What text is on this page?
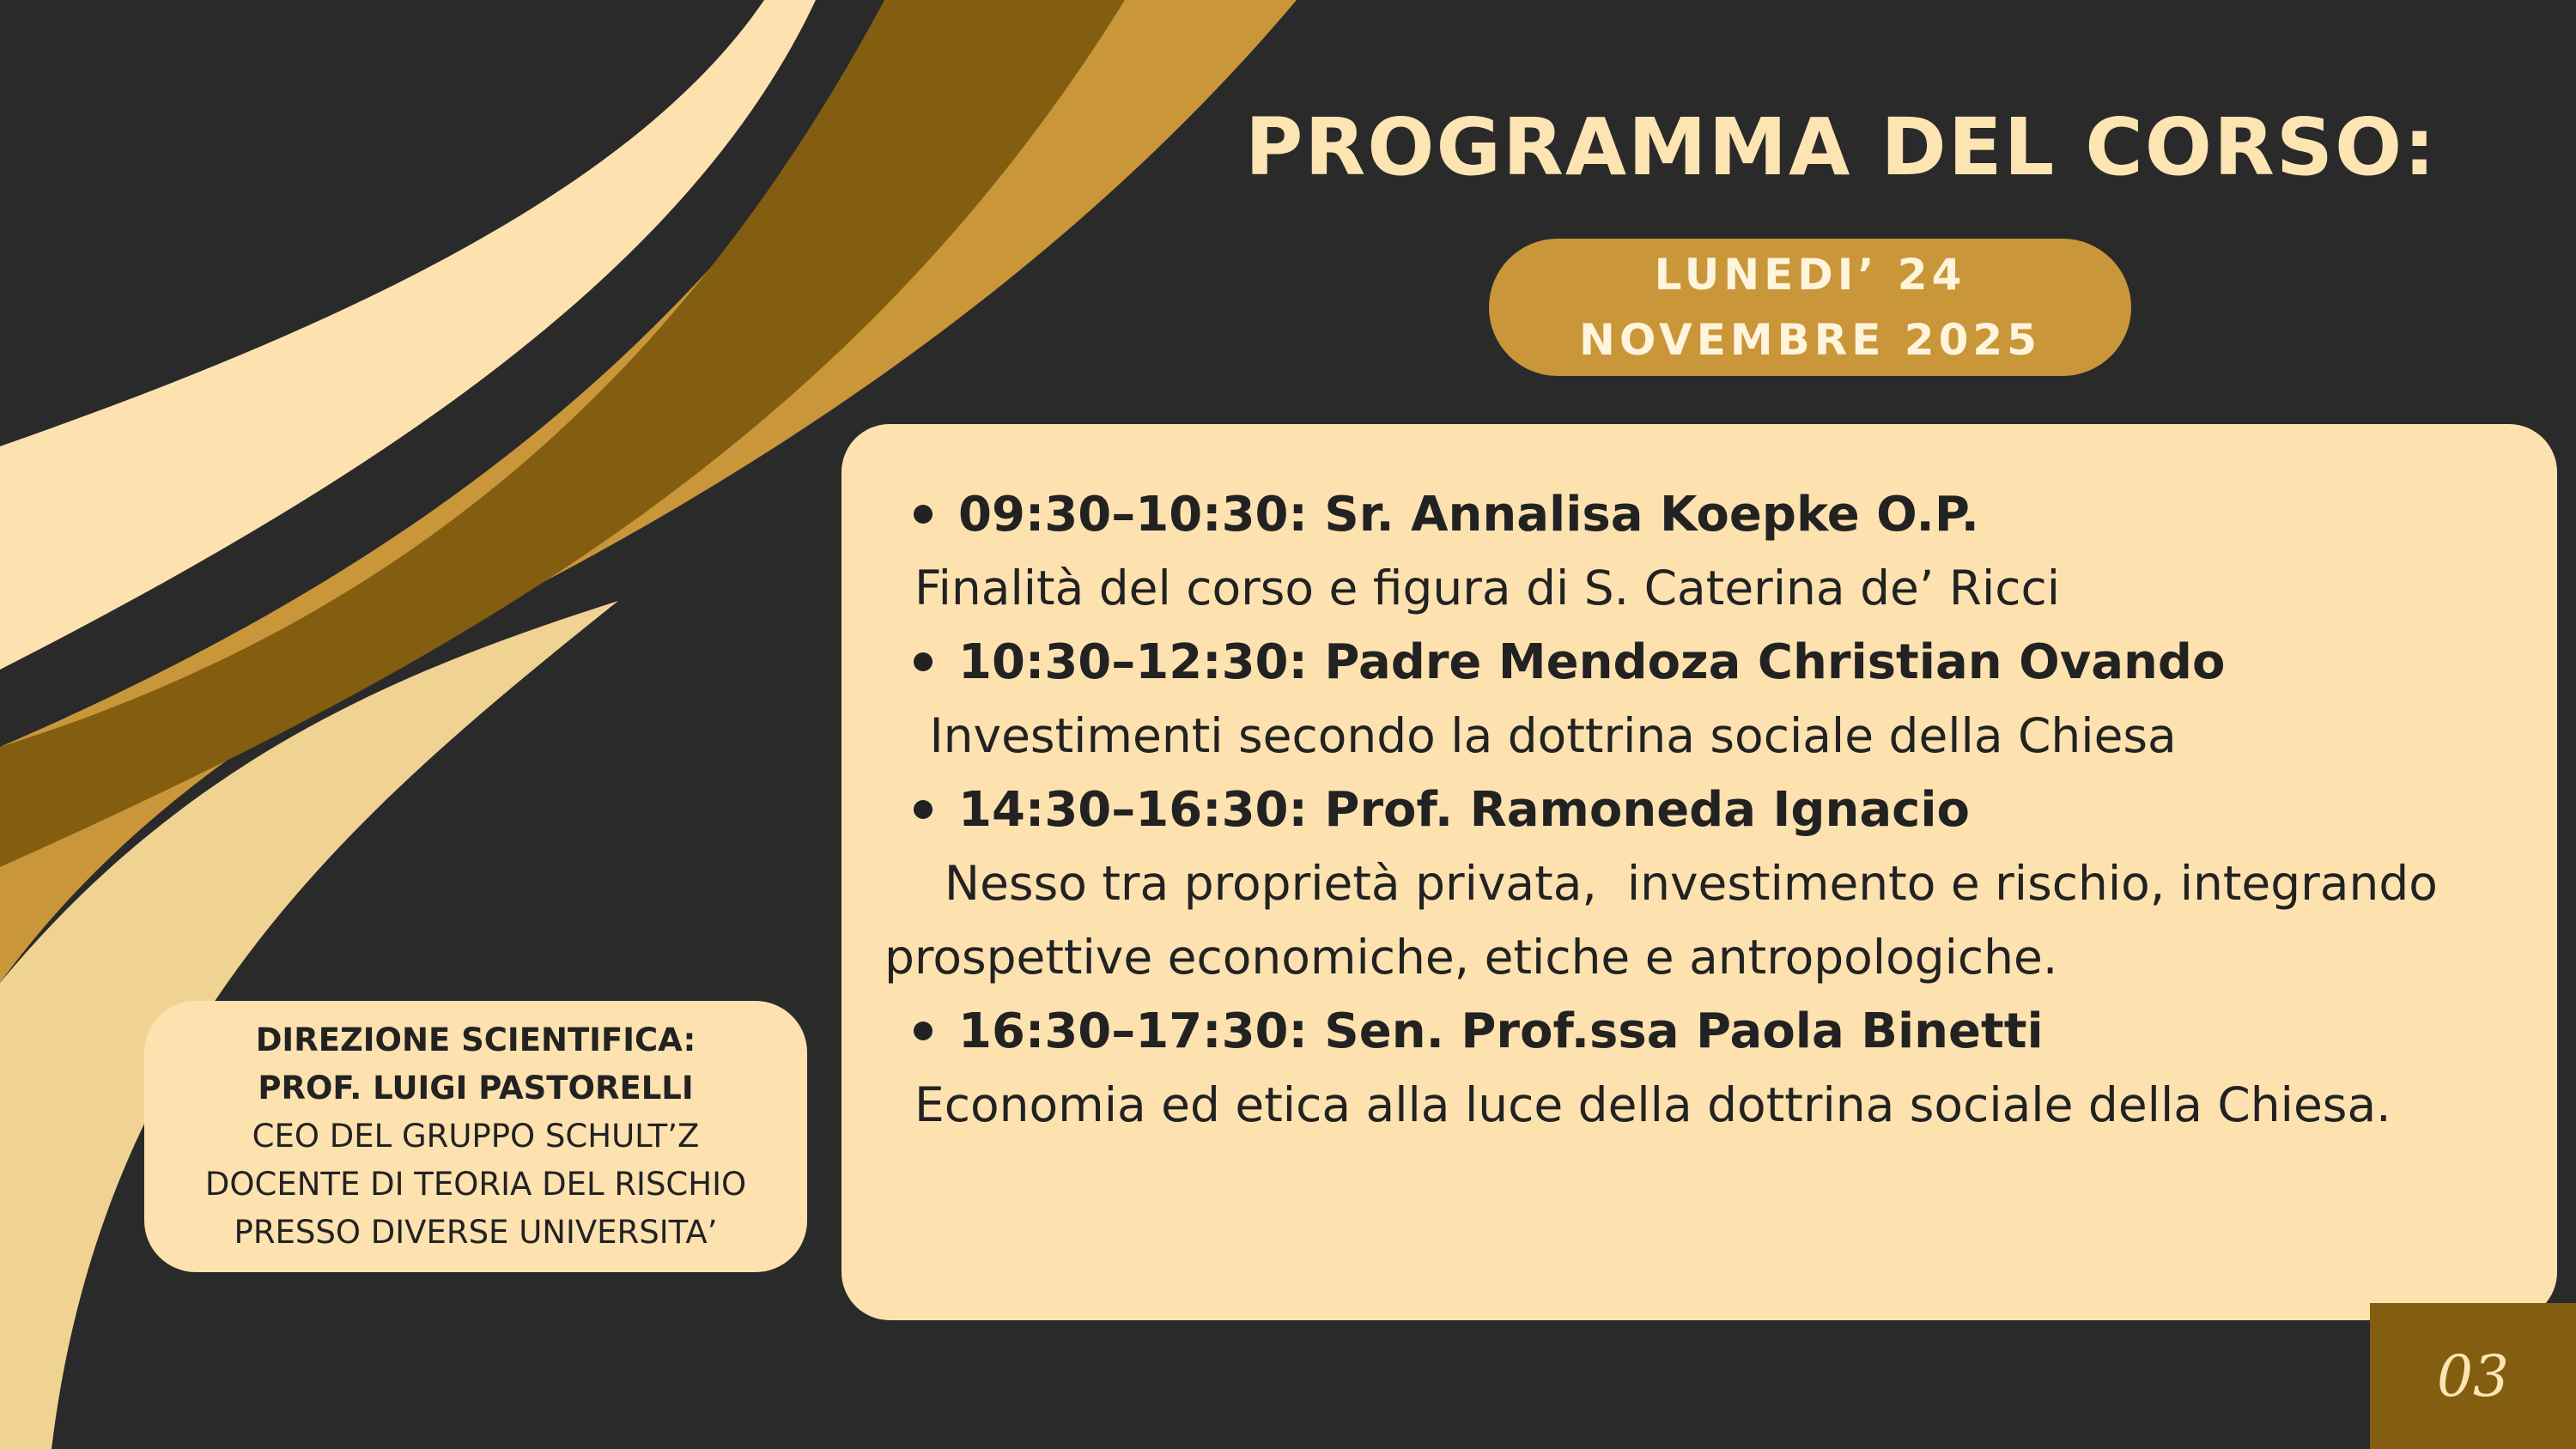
PROGRAMMA DEL CORSO:
LUNEDI’ 24
NOVEMBRE 2025
09:30–10:30: Sr. Annalisa Koepke O.P.
Finalità del corso e figura di S. Caterina de’ Ricci
10:30–12:30: Padre Mendoza Christian Ovando
Investimenti secondo la dottrina sociale della Chiesa
14:30–16:30: Prof. Ramoneda Ignacio
Nesso tra proprietà privata,  investimento e rischio, integrando
prospettive economiche, etiche e antropologiche.
16:30–17:30: Sen. Prof.ssa Paola Binetti
Economia ed etica alla luce della dottrina sociale della Chiesa.
DIREZIONE SCIENTIFICA:
PROF. LUIGI PASTORELLI
CEO DEL GRUPPO SCHULT’Z
DOCENTE DI TEORIA DEL RISCHIO
PRESSO DIVERSE UNIVERSITA’
03
